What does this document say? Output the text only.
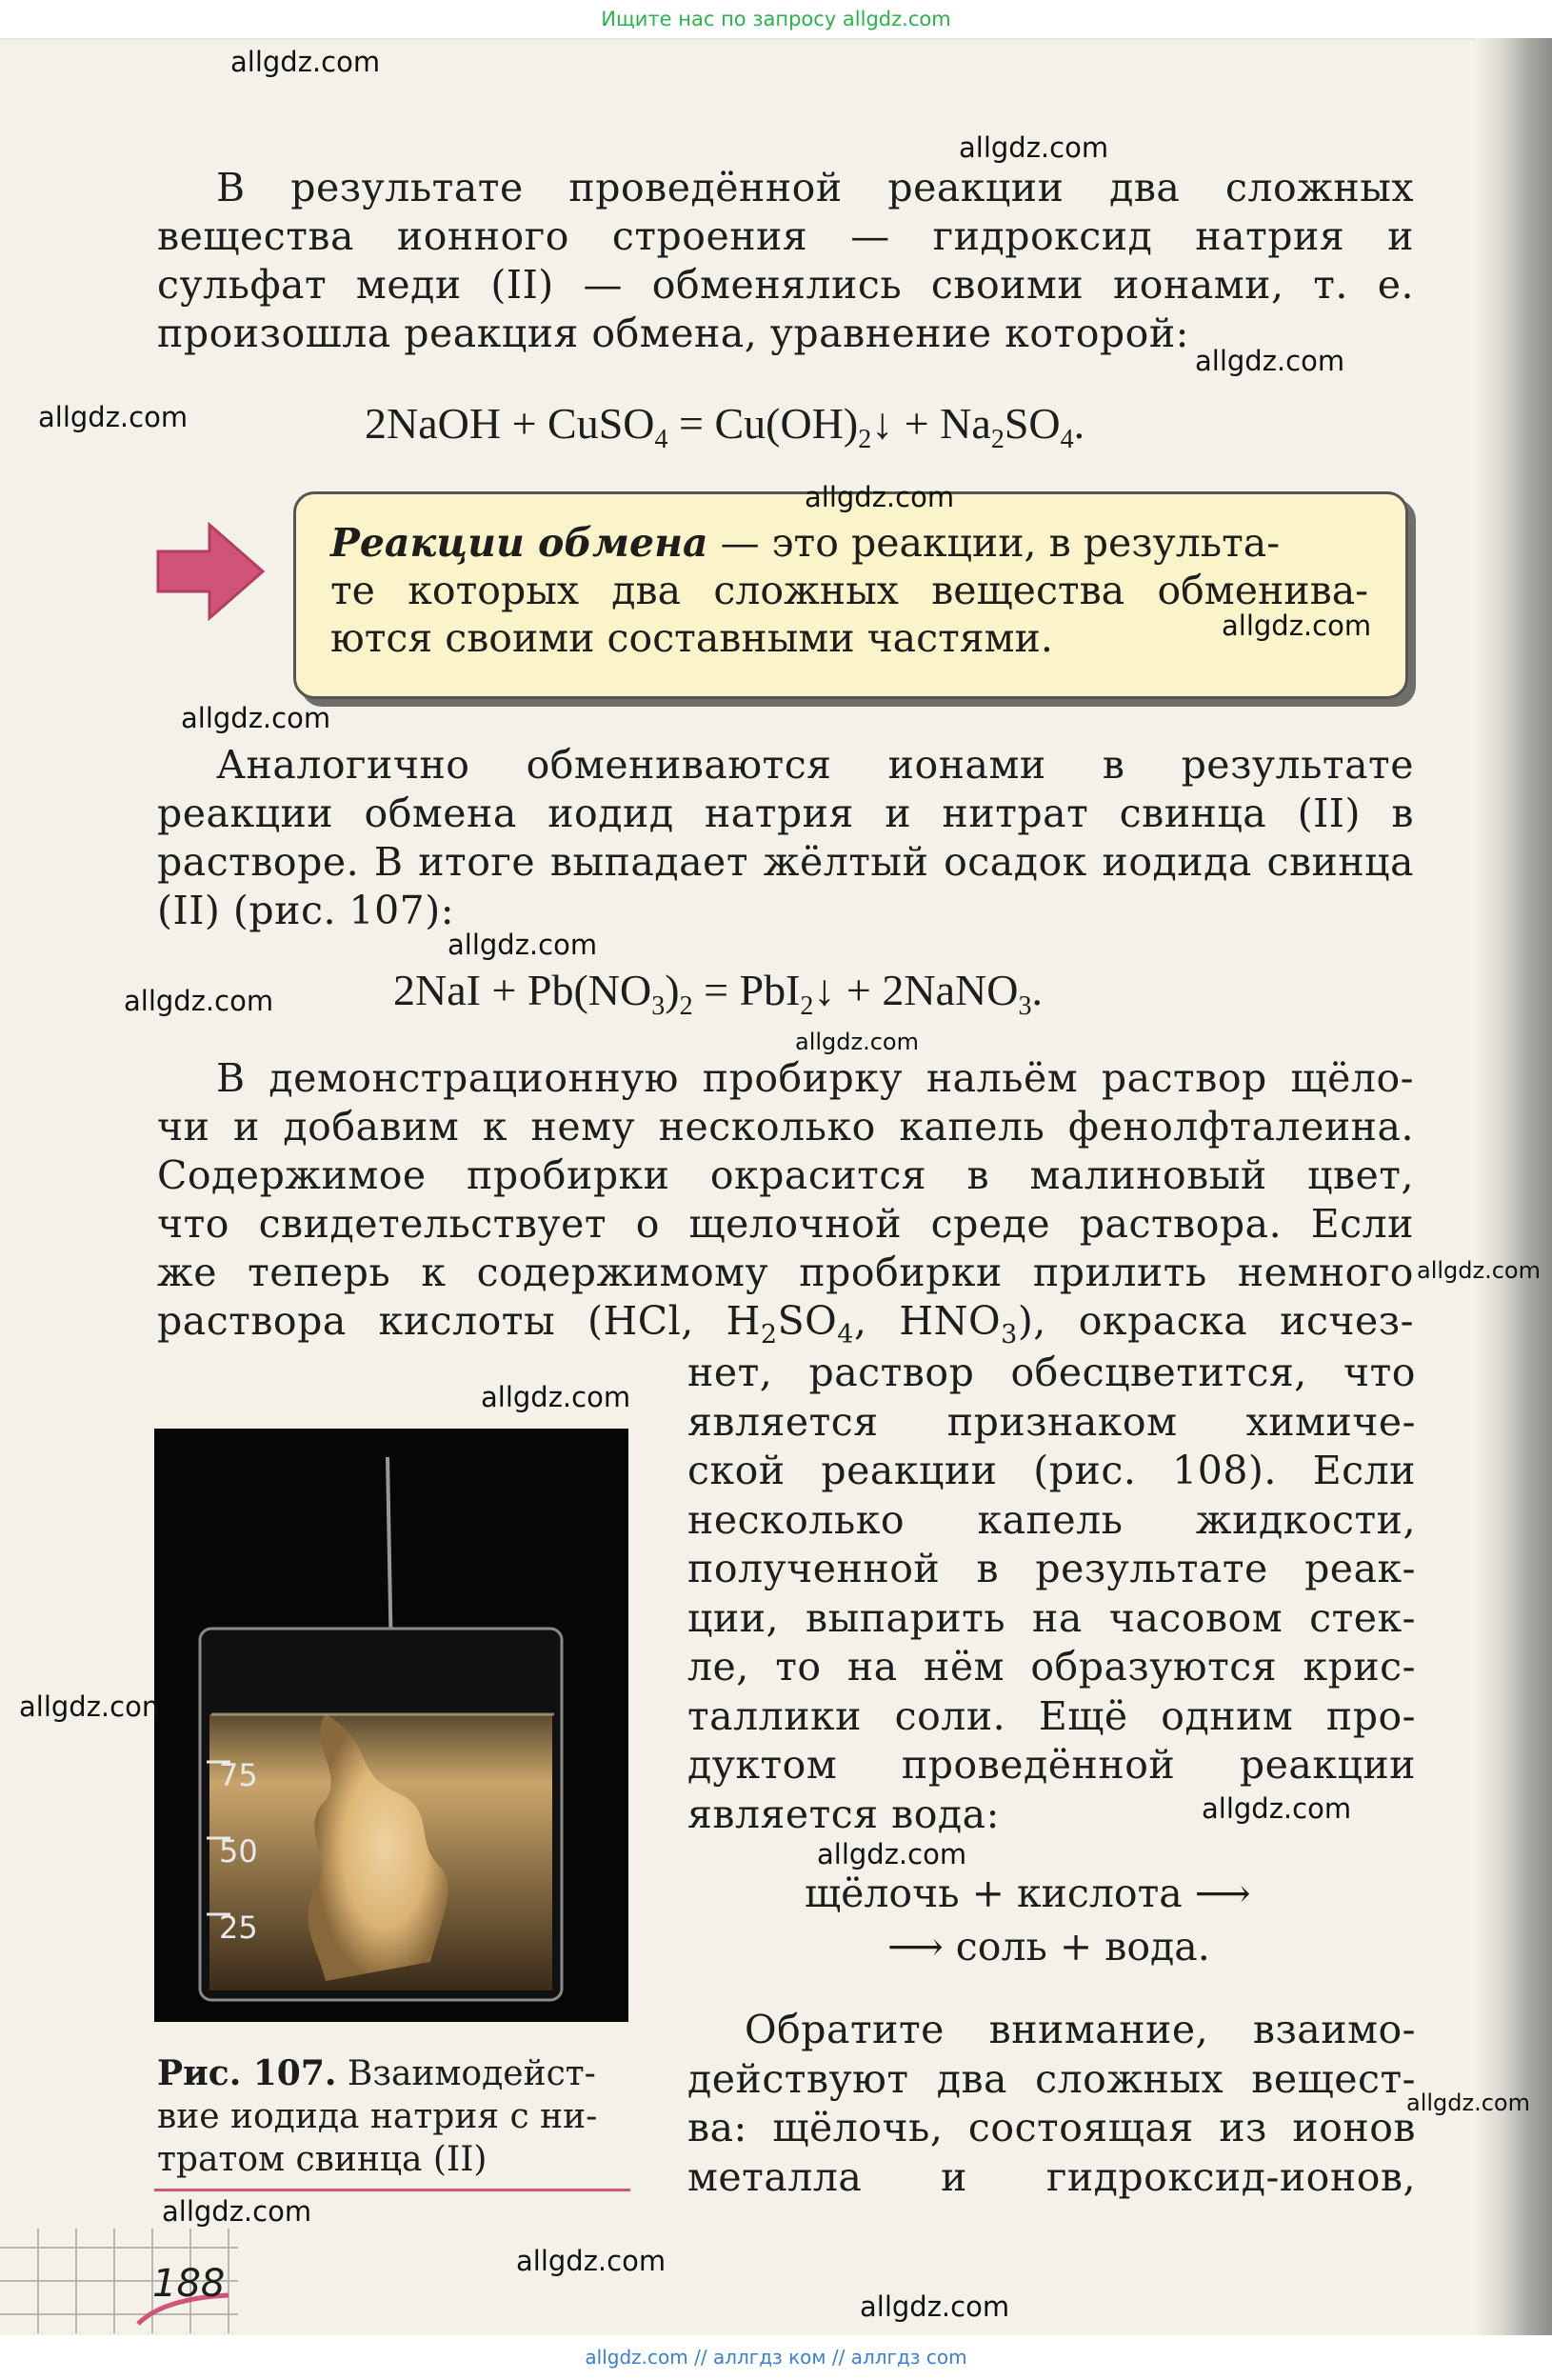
Ищите нас по запросу allgdz.com
В результате проведённой реакции два сложных вещества ионного строения — гидроксид натрия и сульфат меди (II) — обменялись своими ионами, т. е. произошла реакция обмена, уравнение которой:
2NaOH + CuSO$_4$ = $Cu(OH)_2↓ + Na_2SO_4$.
Реакции обмена — это реакции, в результа-
те которых два сложных вещества обменива-
ются своими составными частями.
Аналогично обмениваются ионами в результате реакции обмена иодид натрия и нитрат свинца (II) в растворе. В итоге выпадает жёлтый осадок иодида свинца (II) (рис. 107):
$2NaI + Pb(NO_3)_2$ = PbI$_2$↓ + 2NaNO$_3$.
В демонстрационную пробирку нальём раствор щёло-
чи и добавим к нему несколько капель фенолфталеина.
Содержимое пробирки окрасится в малиновый цвет,
что свидетельствует о щелочной среде раствора. Если
же теперь к содержимому пробирки прилить немного
раствора кислоты (HCl, $H_2SO_4$, $HNO_3$), окраска исчез-
нет, раствор обесцветится, что
является признаком химиче-
ской реакции (рис. 108). Если
несколько капель жидкости,
полученной в результате реак-
ции, выпарить на часовом стек-
ле, то на нём образуются крис-
таллики соли. Ещё одним про-
дуктом проведённой реакции
является вода:
щёлочь + кислота ⟶
⟶ соль + вода.
Обратите внимание, взаимо-
действуют два сложных вещест-
ва: щёлочь, состоящая из ионов
металла и гидроксид-ионов,
75
50
25
Рис. 107. Взаимодейст- вие иодида натрия с ни- тратом свинца (II)
188
allgdz.com
allgdz.com
allgdz.com
allgdz.com
allgdz.com
allgdz.com
allgdz.com
allgdz.com
allgdz.com
allgdz.com
allgdz.com
allgdz.com
allgdz.con
allgdz.com
allgdz.com
allgdz.com
allgdz.com
allgdz.com
allgdz.com
allgdz.com // аллгдз ком // аллгдз com
